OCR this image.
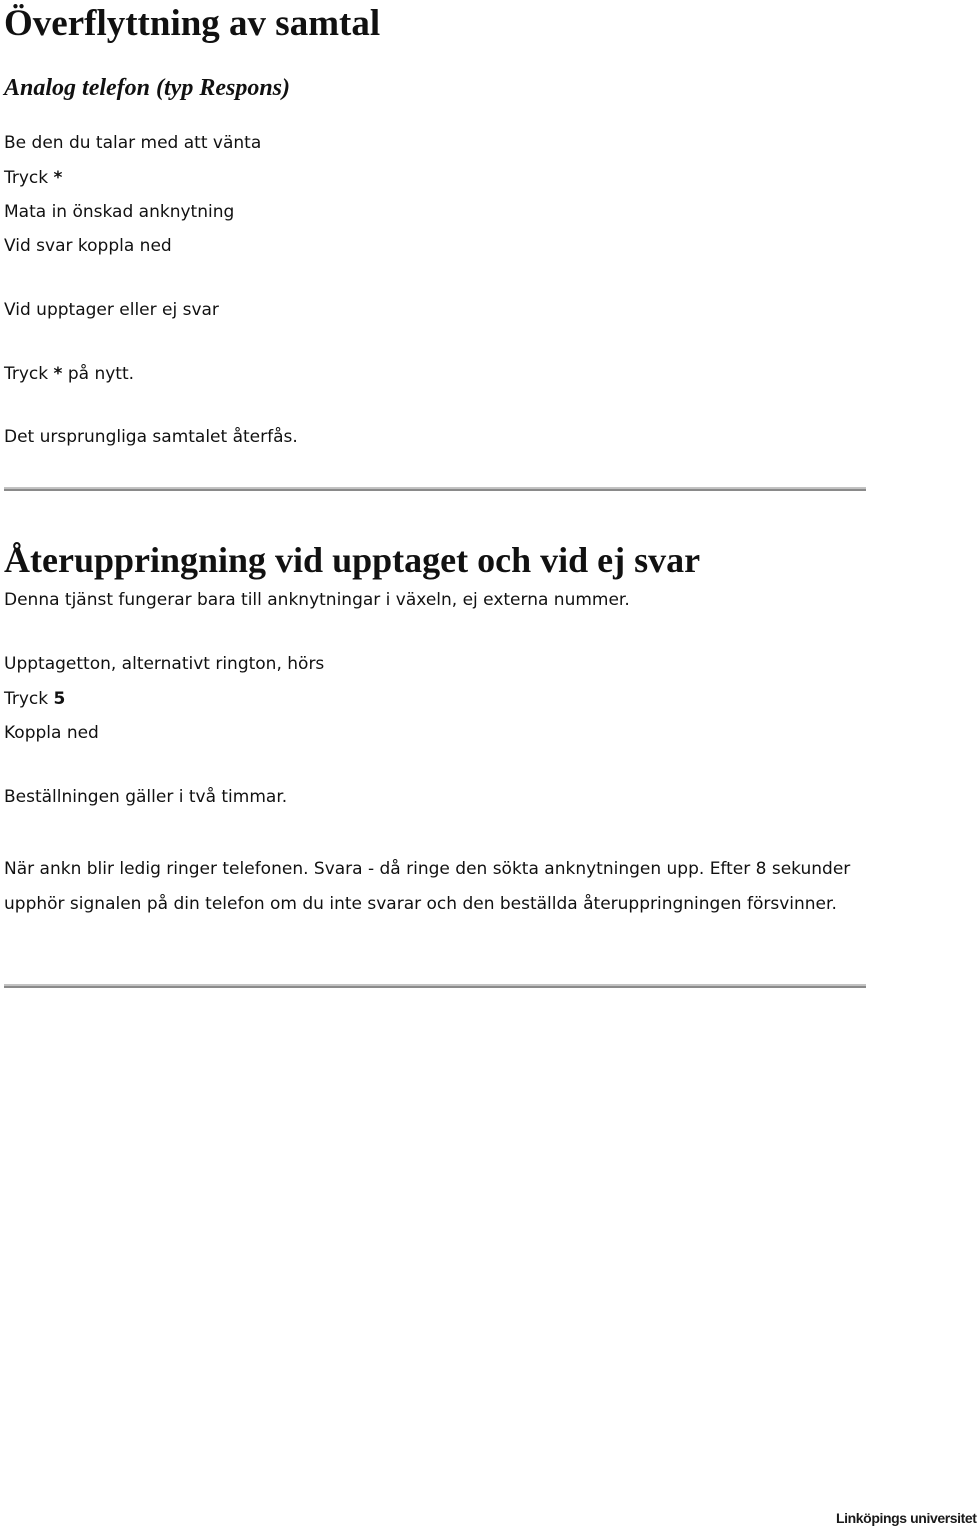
Överflyttning av samtal
Analog telefon (typ Respons)

Be den du talar med att vänta

Tryck *

Mata in önskad anknytning

Vid svar koppla ned

Vid upptager eller ej svar

Tryck * på nytt.

Det ursprungliga samtalet återfås.

Återuppringning vid upptaget och vid ej svar

Denna tjänst fungerar bara till anknytningar i växeln, ej externa nummer.

Upptagetton, alternativt rington, hörs

Tryck 5

Koppla ned

Beställningen gäller i två timmar.

När ankn blir ledig ringer telefonen. Svara - då ringe den sökta anknytningen upp. Efter 8 sekunder upphör signalen på din telefon om du inte svarar och den beställda återuppringningen försvinner.

Linköpings universitet
